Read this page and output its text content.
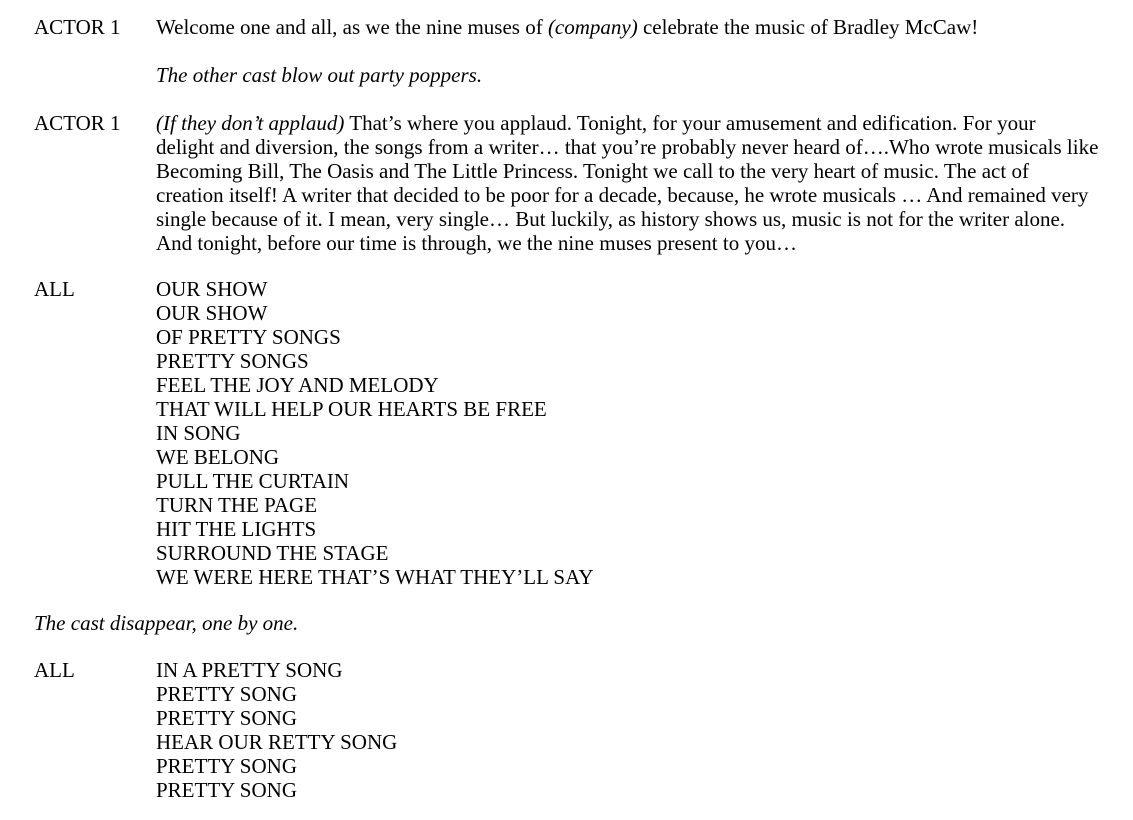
ACTOR 1	Welcome one and all, as we the nine muses of (company) celebrate the music of Bradley McCaw!
The other cast blow out party poppers.
ACTOR 1	(If they don’t applaud) That’s where you applaud. Tonight, for your amusement and edification. For your delight and diversion, the songs from a writer… that you’re probably never heard of….Who wrote musicals like Becoming Bill, The Oasis and The Little Princess. Tonight we call to the very heart of music. The act of creation itself! A writer that decided to be poor for a decade, because, he wrote musicals … And remained very single because of it. I mean, very single… But luckily, as history shows us, music is not for the writer alone. And tonight, before our time is through, we the nine muses present to you…
ALL	OUR SHOW
OUR SHOW
OF PRETTY SONGS
PRETTY SONGS
FEEL THE JOY AND MELODY
THAT WILL HELP OUR HEARTS BE FREE
IN SONG
WE BELONG
PULL THE CURTAIN
TURN THE PAGE
HIT THE LIGHTS
SURROUND THE STAGE
WE WERE HERE THAT’S WHAT THEY’LL SAY
The cast disappear, one by one.
ALL	IN A PRETTY SONG
PRETTY SONG
PRETTY SONG
HEAR OUR RETTY SONG
PRETTY SONG
PRETTY SONG
